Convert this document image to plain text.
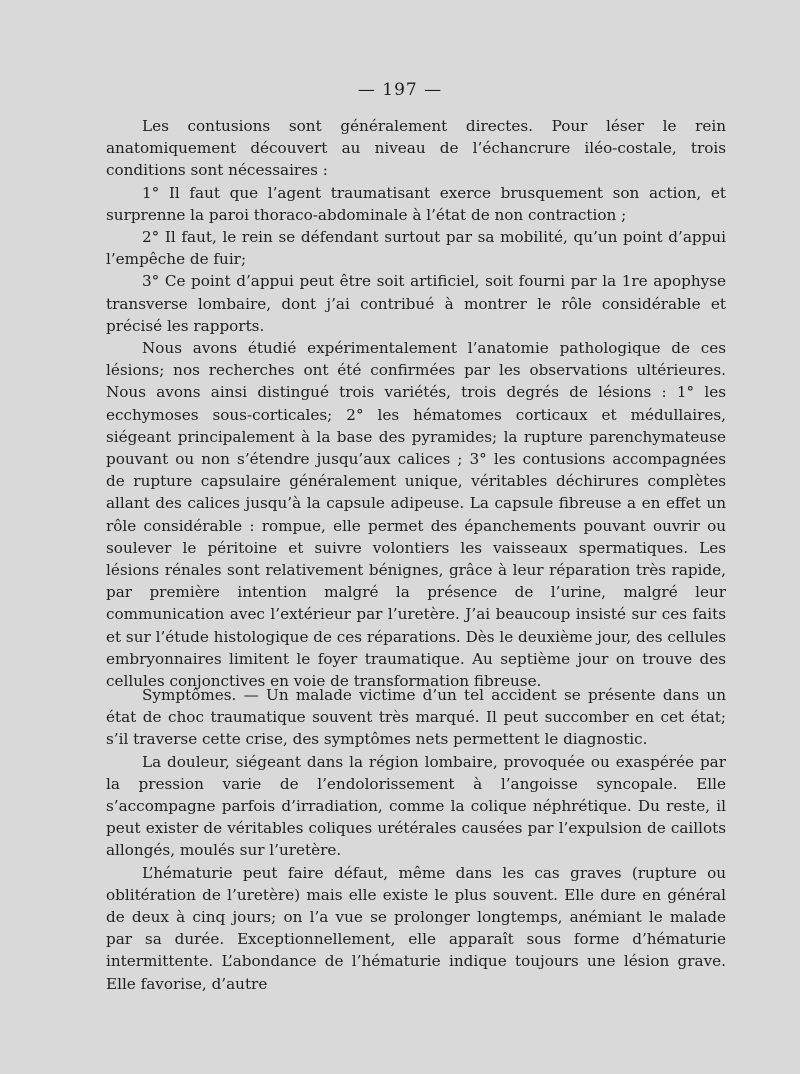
— 197 —

Les contusions sont généralement directes. Pour léser le rein anatomiquement découvert au niveau de l’échancrure iléo-costale, trois conditions sont nécessaires :

1° Il faut que l’agent traumatisant exerce brusquement son action, et surprenne la paroi thoraco-abdominale à l’état de non contraction ;

2° Il faut, le rein se défendant surtout par sa mobilité, qu’un point d’appui l’empêche de fuir;

3° Ce point d’appui peut être soit artificiel, soit fourni par la 1re apophyse transverse lombaire, dont j’ai contribué à montrer le rôle considérable et précisé les rapports.

Nous avons étudié expérimentalement l’anatomie pathologique de ces lésions; nos recherches ont été confirmées par les observations ultérieures. Nous avons ainsi distingué trois variétés, trois degrés de lésions : 1° les ecchymoses sous-corticales; 2° les hématomes corticaux et médullaires, siégeant principalement à la base des pyramides; la rupture parenchymateuse pouvant ou non s’étendre jusqu’aux calices ; 3° les contusions accompagnées de rupture capsulaire généralement unique, véritables déchirures complètes allant des calices jusqu’à la capsule adipeuse. La capsule fibreuse a en effet un rôle considérable : rompue, elle permet des épanchements pouvant ouvrir ou soulever le péritoine et suivre volontiers les vaisseaux spermatiques. Les lésions rénales sont relativement bénignes, grâce à leur réparation très rapide, par première intention malgré la présence de l’urine, malgré leur communication avec l’extérieur par l’uretère. J’ai beaucoup insisté sur ces faits et sur l’étude histologique de ces réparations. Dès le deuxième jour, des cellules embryonnaires limitent le foyer traumatique. Au septième jour on trouve des cellules conjonctives en voie de transformation fibreuse.

Symptômes. — Un malade victime d’un tel accident se présente dans un état de choc traumatique souvent très marqué. Il peut succomber en cet état; s’il traverse cette crise, des symptômes nets permettent le diagnostic.

La douleur, siégeant dans la région lombaire, provoquée ou exaspérée par la pression varie de l’endolorissement à l’angoisse syncopale. Elle s’accompagne parfois d’irradiation, comme la colique néphrétique. Du reste, il peut exister de véritables coliques urétérales causées par l’expulsion de caillots allongés, moulés sur l’uretère.

L’hématurie peut faire défaut, même dans les cas graves (rupture ou oblitération de l’uretère) mais elle existe le plus souvent. Elle dure en général de deux à cinq jours; on l’a vue se prolonger longtemps, anémiant le malade par sa durée. Exceptionnellement, elle apparaît sous forme d’hématurie intermittente. L’abondance de l’hématurie indique toujours une lésion grave. Elle favorise, d’autre
